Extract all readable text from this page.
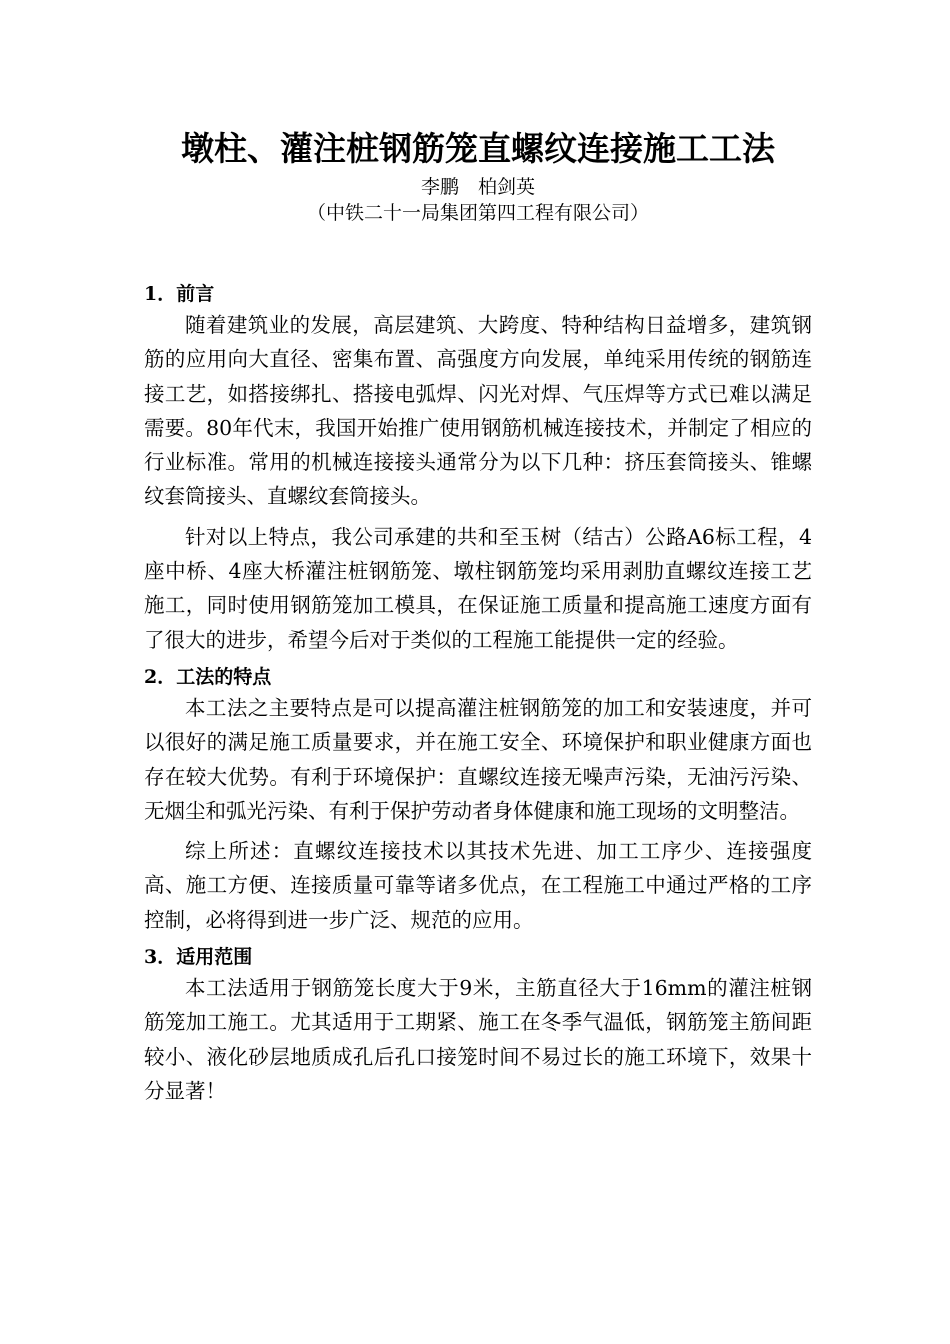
墩柱、灌注桩钢筋笼直螺纹连接施工工法
李鹏　柏剑英
（中铁二十一局集团第四工程有限公司）
1．前言

随着建筑业的发展，高层建筑、大跨度、特种结构日益增多，建筑钢筋的应用向大直径、密集布置、高强度方向发展，单纯采用传统的钢筋连接工艺，如搭接绑扎、搭接电弧焊、闪光对焊、气压焊等方式已难以满足需要。80年代末，我国开始推广使用钢筋机械连接技术，并制定了相应的行业标准。常用的机械连接接头通常分为以下几种：挤压套筒接头、锥螺纹套筒接头、直螺纹套筒接头。

针对以上特点，我公司承建的共和至玉树（结古）公路A6标工程，4座中桥、4座大桥灌注桩钢筋笼、墩柱钢筋笼均采用剥肋直螺纹连接工艺施工，同时使用钢筋笼加工模具，在保证施工质量和提高施工速度方面有了很大的进步，希望今后对于类似的工程施工能提供一定的经验。

2．工法的特点

本工法之主要特点是可以提高灌注桩钢筋笼的加工和安装速度，并可以很好的满足施工质量要求，并在施工安全、环境保护和职业健康方面也存在较大优势。有利于环境保护：直螺纹连接无噪声污染，无油污污染、无烟尘和弧光污染、有利于保护劳动者身体健康和施工现场的文明整洁。

综上所述：直螺纹连接技术以其技术先进、加工工序少、连接强度高、施工方便、连接质量可靠等诸多优点，在工程施工中通过严格的工序控制，必将得到进一步广泛、规范的应用。

3．适用范围

本工法适用于钢筋笼长度大于9米，主筋直径大于16mm的灌注桩钢筋笼加工施工。尤其适用于工期紧、施工在冬季气温低，钢筋笼主筋间距较小、液化砂层地质成孔后孔口接笼时间不易过长的施工环境下，效果十分显著！
